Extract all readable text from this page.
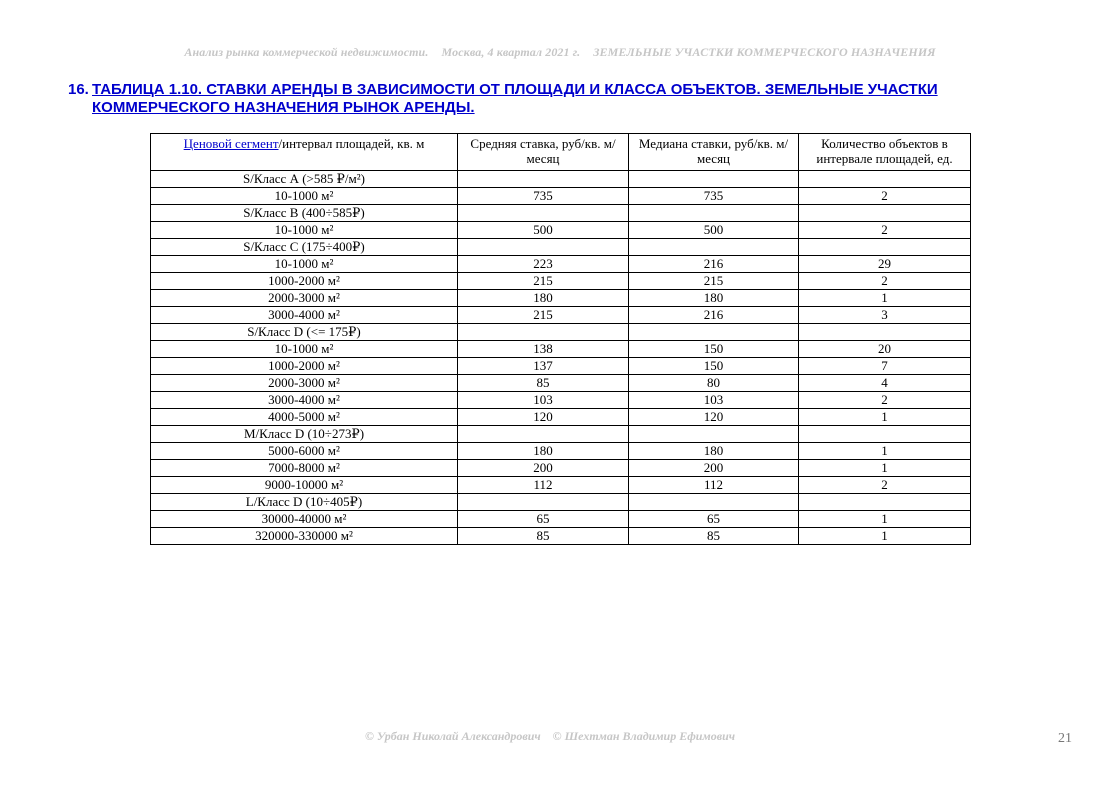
Анализ рынка коммерческой недвижимости. Москва, 4 квартал 2021 г. ЗЕМЕЛЬНЫЕ УЧАСТКИ КОММЕРЧЕСКОГО НАЗНАЧЕНИЯ
16. ТАБЛИЦА 1.10. СТАВКИ АРЕНДЫ В ЗАВИСИМОСТИ ОТ ПЛОЩАДИ И КЛАССА ОБЪЕКТОВ. ЗЕМЕЛЬНЫЕ УЧАСТКИ КОММЕРЧЕСКОГО НАЗНАЧЕНИЯ РЫНОК АРЕНДЫ.
Ценовой сегмент/интервал площадей, кв. м	Средняя ставка, руб/кв. м/месяц	Медиана ставки, руб/кв. м/месяц	Количество объектов в интервале площадей, ед.
S/Класс А (>585 ₽/м²)			
10-1000 м²	735	735	2
S/Класс B (400÷585₽)			
10-1000 м²	500	500	2
S/Класс C (175÷400₽)			
10-1000 м²	223	216	29
1000-2000 м²	215	215	2
2000-3000 м²	180	180	1
3000-4000 м²	215	216	3
S/Класс D (<= 175₽)			
10-1000 м²	138	150	20
1000-2000 м²	137	150	7
2000-3000 м²	85	80	4
3000-4000 м²	103	103	2
4000-5000 м²	120	120	1
M/Класс D (10÷273₽)			
5000-6000 м²	180	180	1
7000-8000 м²	200	200	1
9000-10000 м²	112	112	2
L/Класс D (10÷405₽)			
30000-40000 м²	65	65	1
320000-330000 м²	85	85	1
© Урбан Николай Александрович © Шехтман Владимир Ефимович	21
